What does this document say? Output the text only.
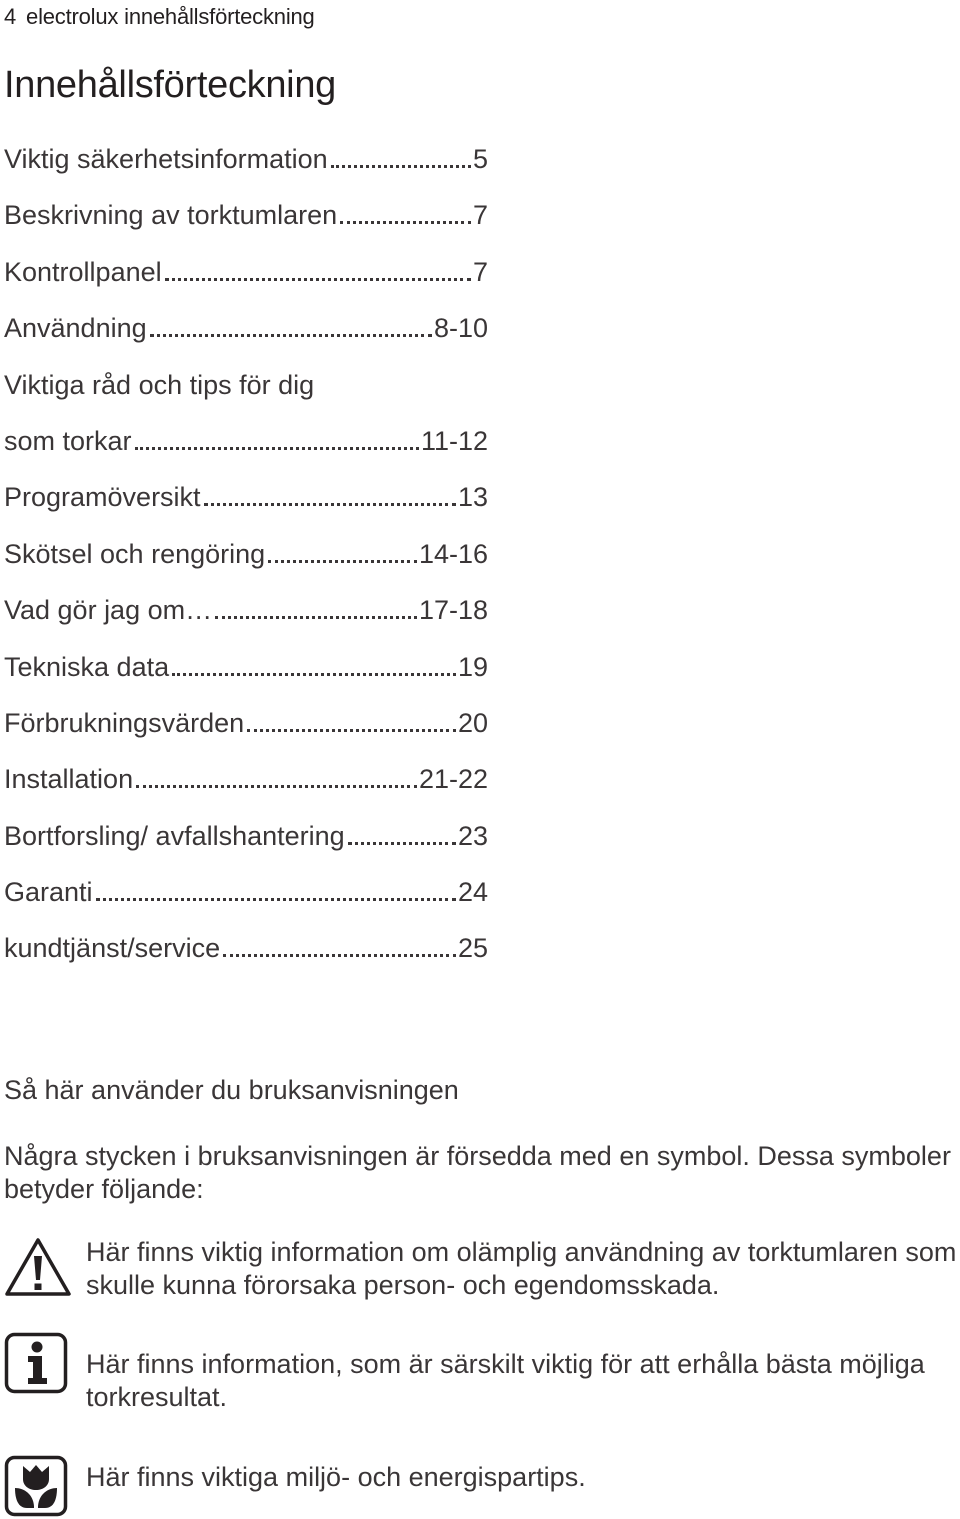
4 electrolux innehållsförteckning
Innehållsförteckning
Viktig säkerhetsinformation	5
Beskrivning av torktumlaren	7
Kontrollpanel	7
Användning	8-10
Viktiga råd och tips för dig
som torkar	11-12
Programöversikt	13
Skötsel och rengöring	14-16
Vad gör jag om…	17-18
Tekniska data	19
Förbrukningsvärden	20
Installation	21-22
Bortforsling/ avfallshantering	23
Garanti	24
kundtjänst/service	25
Så här använder du bruksanvisningen
Några stycken i bruksanvisningen är försedda med en symbol. Dessa symboler betyder följande:
Här finns viktig information om olämplig användning av torktumlaren som skulle kunna förorsaka person- och egendomsskada.
Här finns information, som är särskilt viktig för att erhålla bästa möjliga torkresultat.
Här finns viktiga miljö- och energispartips.
